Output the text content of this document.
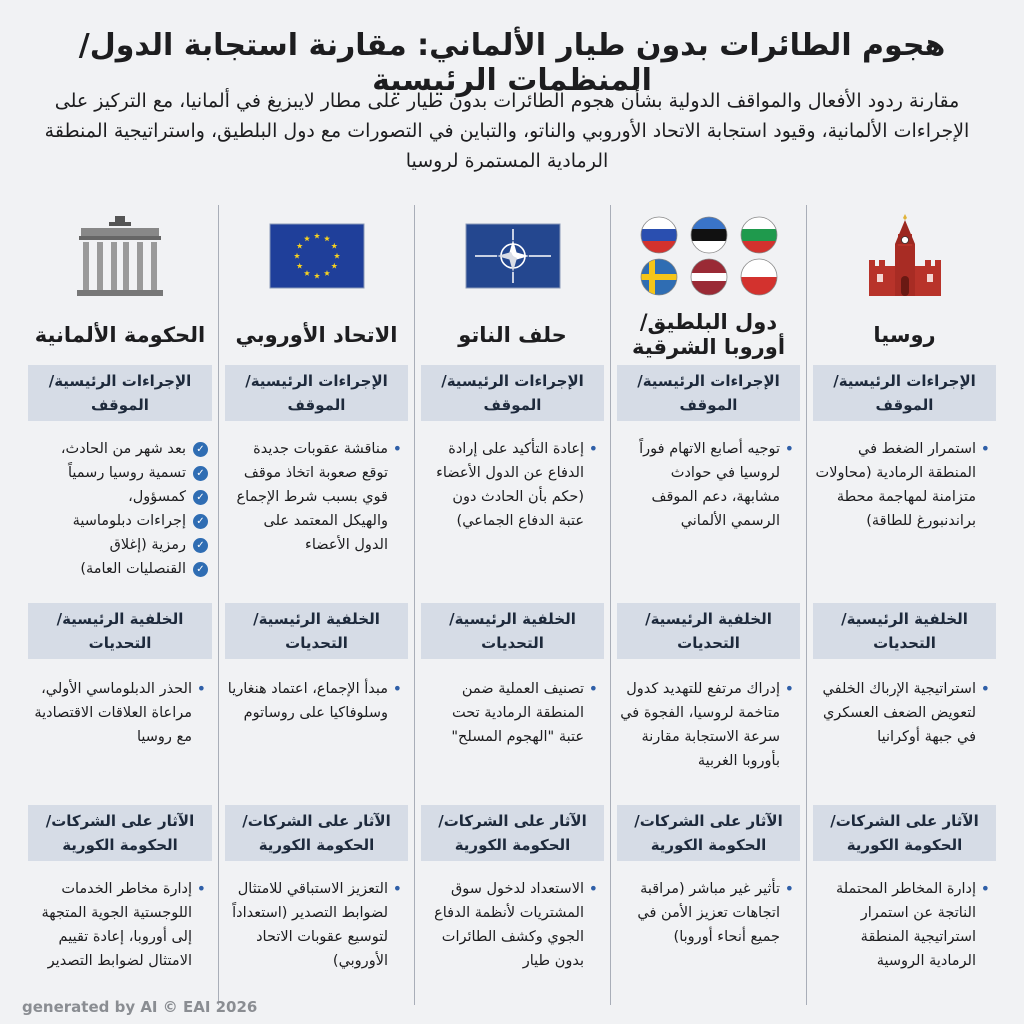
هجوم الطائرات بدون طيار الألماني: مقارنة استجابة الدول/المنظمات الرئيسية
مقارنة ردود الأفعال والمواقف الدولية بشأن هجوم الطائرات بدون طيار على مطار لايبزيغ في ألمانيا، مع التركيز على الإجراءات الألمانية، وقيود استجابة الاتحاد الأوروبي والناتو، والتباين في التصورات مع دول البلطيق، واستراتيجية المنطقة الرمادية المستمرة لروسيا
روسيا
الإجراءات الرئيسية/ الموقف
• استمرار الضغط في المنطقة الرمادية (محاولات متزامنة لمهاجمة محطة براندنبورغ للطاقة)
الخلفية الرئيسية/ التحديات
• استراتيجية الإرباك الخلفي لتعويض الضعف العسكري في جبهة أوكرانيا
الآثار على الشركات/ الحكومة الكورية
• إدارة المخاطر المحتملة الناتجة عن استمرار استراتيجية المنطقة الرمادية الروسية
دول البلطيق/ أوروبا الشرقية
الإجراءات الرئيسية/ الموقف
• توجيه أصابع الاتهام فوراً لروسيا في حوادث مشابهة، دعم الموقف الرسمي الألماني
الخلفية الرئيسية/ التحديات
• إدراك مرتفع للتهديد كدول متاخمة لروسيا، الفجوة في سرعة الاستجابة مقارنة بأوروبا الغربية
الآثار على الشركات/ الحكومة الكورية
• تأثير غير مباشر (مراقبة اتجاهات تعزيز الأمن في جميع أنحاء أوروبا)
حلف الناتو
الإجراءات الرئيسية/ الموقف
• إعادة التأكيد على إرادة الدفاع عن الدول الأعضاء (حكم بأن الحادث دون عتبة الدفاع الجماعي)
الخلفية الرئيسية/ التحديات
• تصنيف العملية ضمن المنطقة الرمادية تحت عتبة "الهجوم المسلح"
الآثار على الشركات/ الحكومة الكورية
• الاستعداد لدخول سوق المشتريات لأنظمة الدفاع الجوي وكشف الطائرات بدون طيار
الاتحاد الأوروبي
الإجراءات الرئيسية/ الموقف
• مناقشة عقوبات جديدة توقع صعوبة اتخاذ موقف قوي بسبب شرط الإجماع والهيكل المعتمد على الدول الأعضاء
الخلفية الرئيسية/ التحديات
• مبدأ الإجماع، اعتماد هنغاريا وسلوفاكيا على روساتوم
الآثار على الشركات/ الحكومة الكورية
• التعزيز الاستباقي للامتثال لضوابط التصدير (استعداداً لتوسيع عقوبات الاتحاد الأوروبي)
الحكومة الألمانية
الإجراءات الرئيسية/ الموقف
✓ بعد شهر من الحادث،
✓ تسمية روسيا رسمياً
✓ كمسؤول،
✓ إجراءات دبلوماسية
✓ رمزية (إغلاق
✓ القنصليات العامة)
الخلفية الرئيسية/ التحديات
• الحذر الدبلوماسي الأولي، مراعاة العلاقات الاقتصادية مع روسيا
الآثار على الشركات/ الحكومة الكورية
• إدارة مخاطر الخدمات اللوجستية الجوية المتجهة إلى أوروبا، إعادة تقييم الامتثال لضوابط التصدير
generated by AI © EAI 2026
